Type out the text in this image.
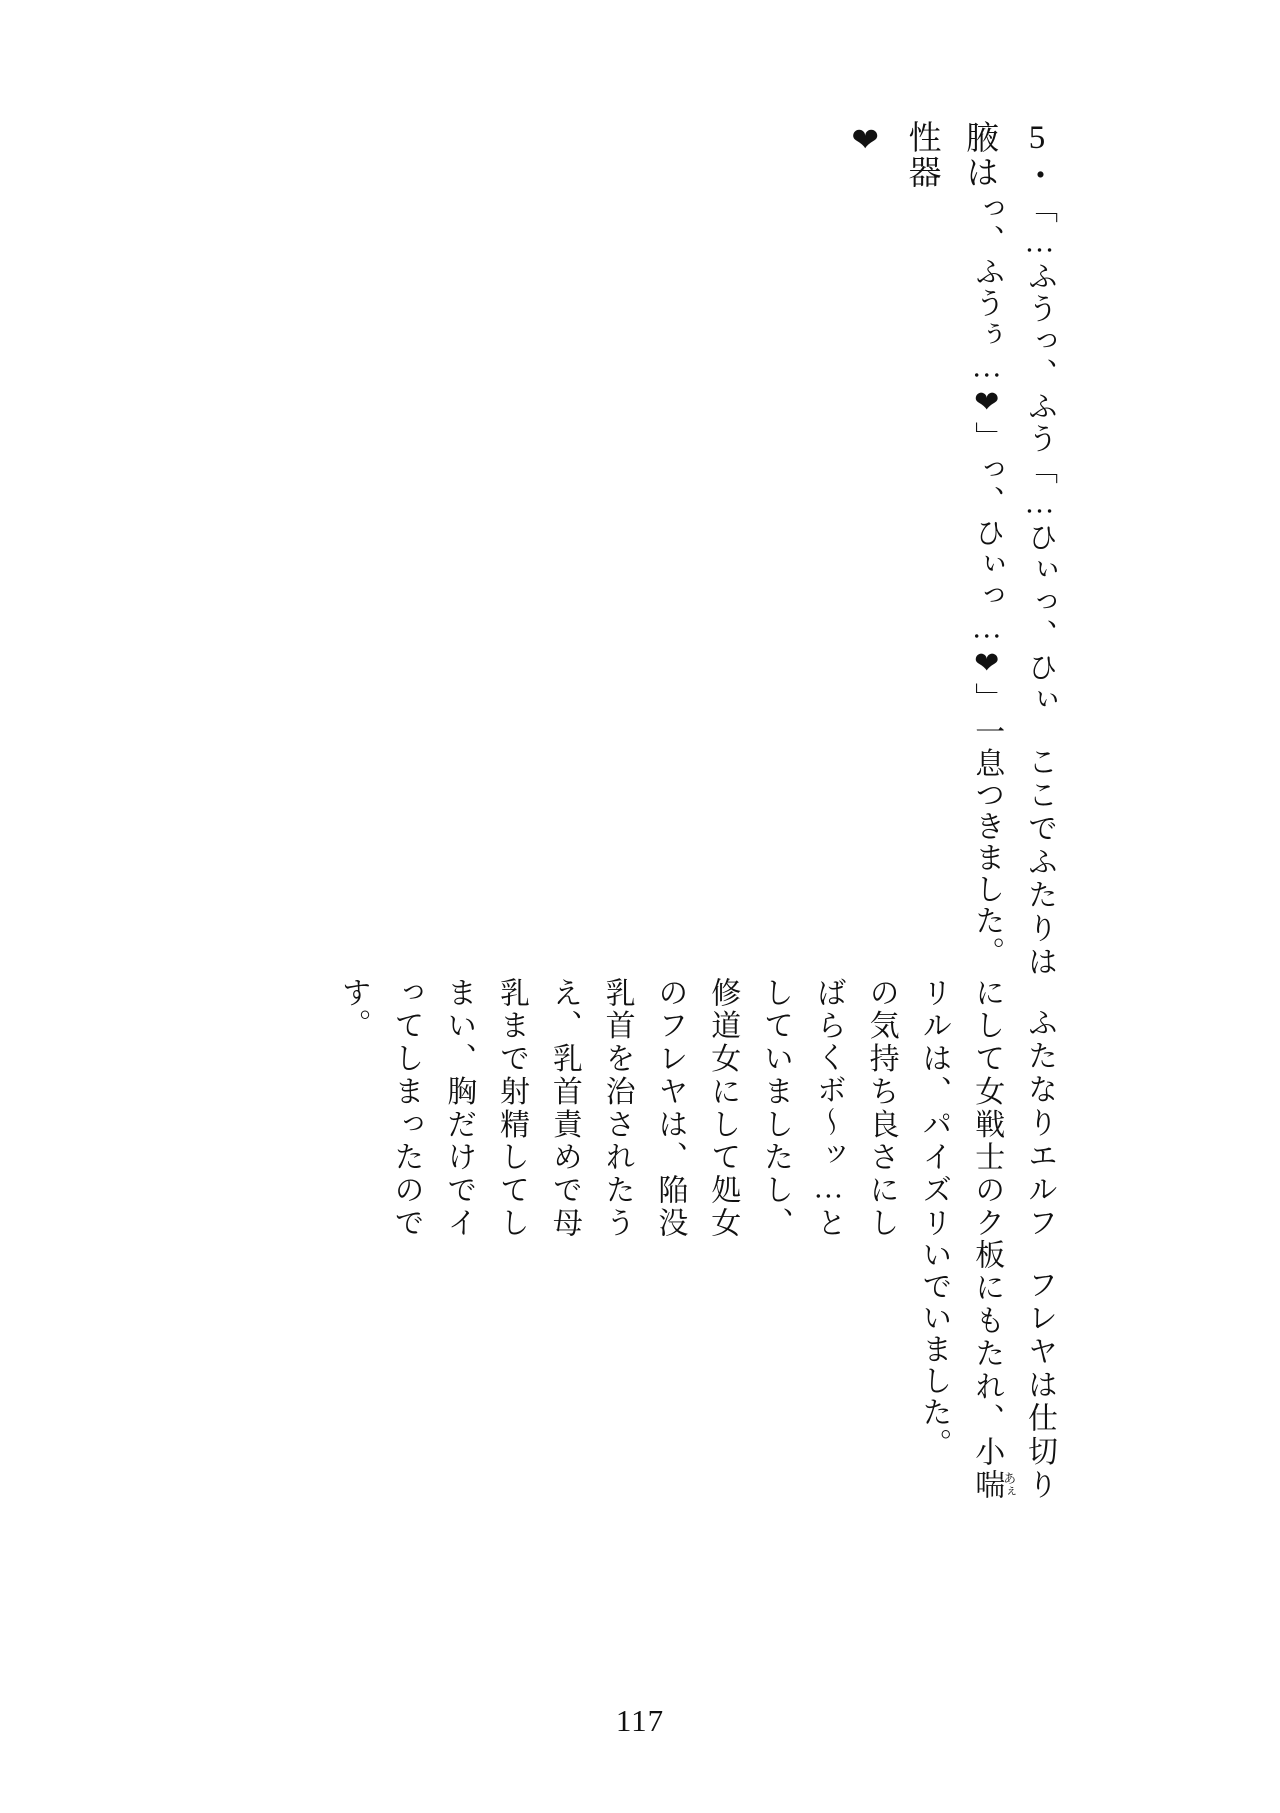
5・腋は性器❤
「…ふうっ、ふうっ、ふうぅ…❤」
「…ひぃっ、ひぃっ、ひぃっ…❤」
ここでふたりは一息つきました。
ふたなりエルフにして女戦士のクリルは、パイズリの気持ち良さにしばらくボ～ッ…としていましたし、修道女にして処女のフレヤは、陥没乳首を治されたうえ、乳首責めで母乳まで射精してしまい、胸だけでイってしまったのです。
フレヤは仕切り板にもたれ、小喘あぇいでいました。
117
